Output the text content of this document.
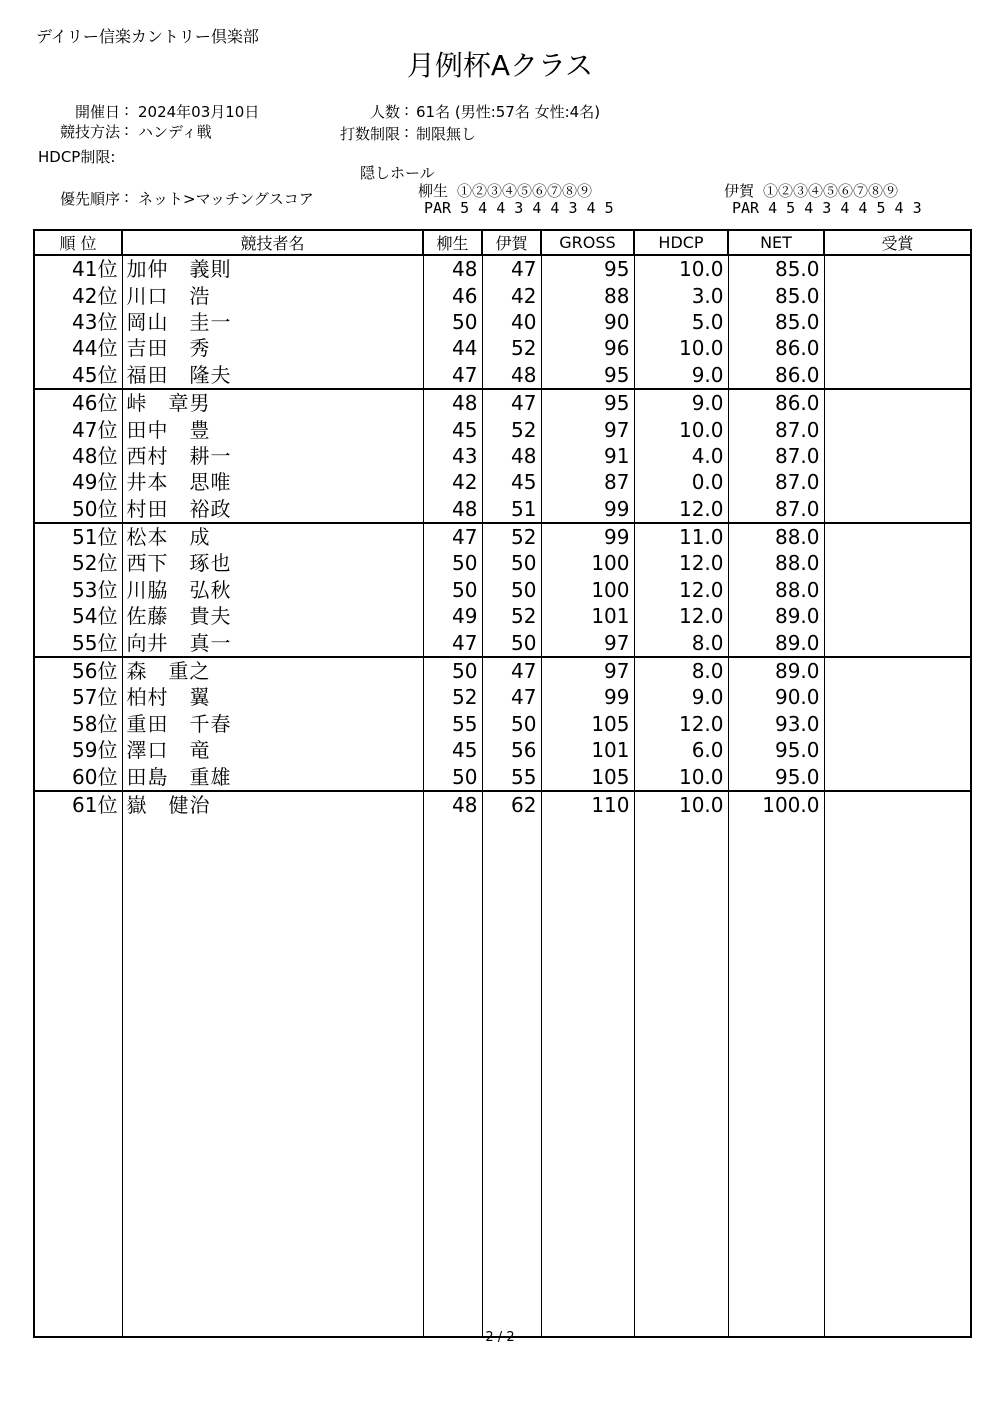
デイリー信楽カントリー倶楽部
月例杯Aクラス
開催日 : 2024年03月10日
競技方法 : ハンディ戦
HDCP制限:
優先順序 : ネット>マッチングスコア
人数 : 61名 (男性:57名 女性:4名)
打数制限 : 制限無し
隠しホール
柳生 ①②③④⑤⑥⑦⑧⑨
PAR 5 4 4 3 4 4 3 4 5
伊賀 ①②③④⑤⑥⑦⑧⑨
PAR 4 5 4 3 4 4 5 4 3
順 位	競技者名	柳生	伊賀	GROSS	HDCP	NET	受賞
41位	加仲　義則	48	47	95	10.0	85.0	
42位	川口　浩	46	42	88	3.0	85.0	
43位	岡山　圭一	50	40	90	5.0	85.0	
44位	吉田　秀	44	52	96	10.0	86.0	
45位	福田　隆夫	47	48	95	9.0	86.0	
46位	峠　章男	48	47	95	9.0	86.0	
47位	田中　豊	45	52	97	10.0	87.0	
48位	西村　耕一	43	48	91	4.0	87.0	
49位	井本　思唯	42	45	87	0.0	87.0	
50位	村田　裕政	48	51	99	12.0	87.0	
51位	松本　成	47	52	99	11.0	88.0	
52位	西下　琢也	50	50	100	12.0	88.0	
53位	川脇　弘秋	50	50	100	12.0	88.0	
54位	佐藤　貴夫	49	52	101	12.0	89.0	
55位	向井　真一	47	50	97	8.0	89.0	
56位	森　重之	50	47	97	8.0	89.0	
57位	柏村　翼	52	47	99	9.0	90.0	
58位	重田　千春	55	50	105	12.0	93.0	
59位	澤口　竜	45	56	101	6.0	95.0	
60位	田島　重雄	50	55	105	10.0	95.0	
61位	嶽　健治	48	62	110	10.0	100.0	

2 / 2
